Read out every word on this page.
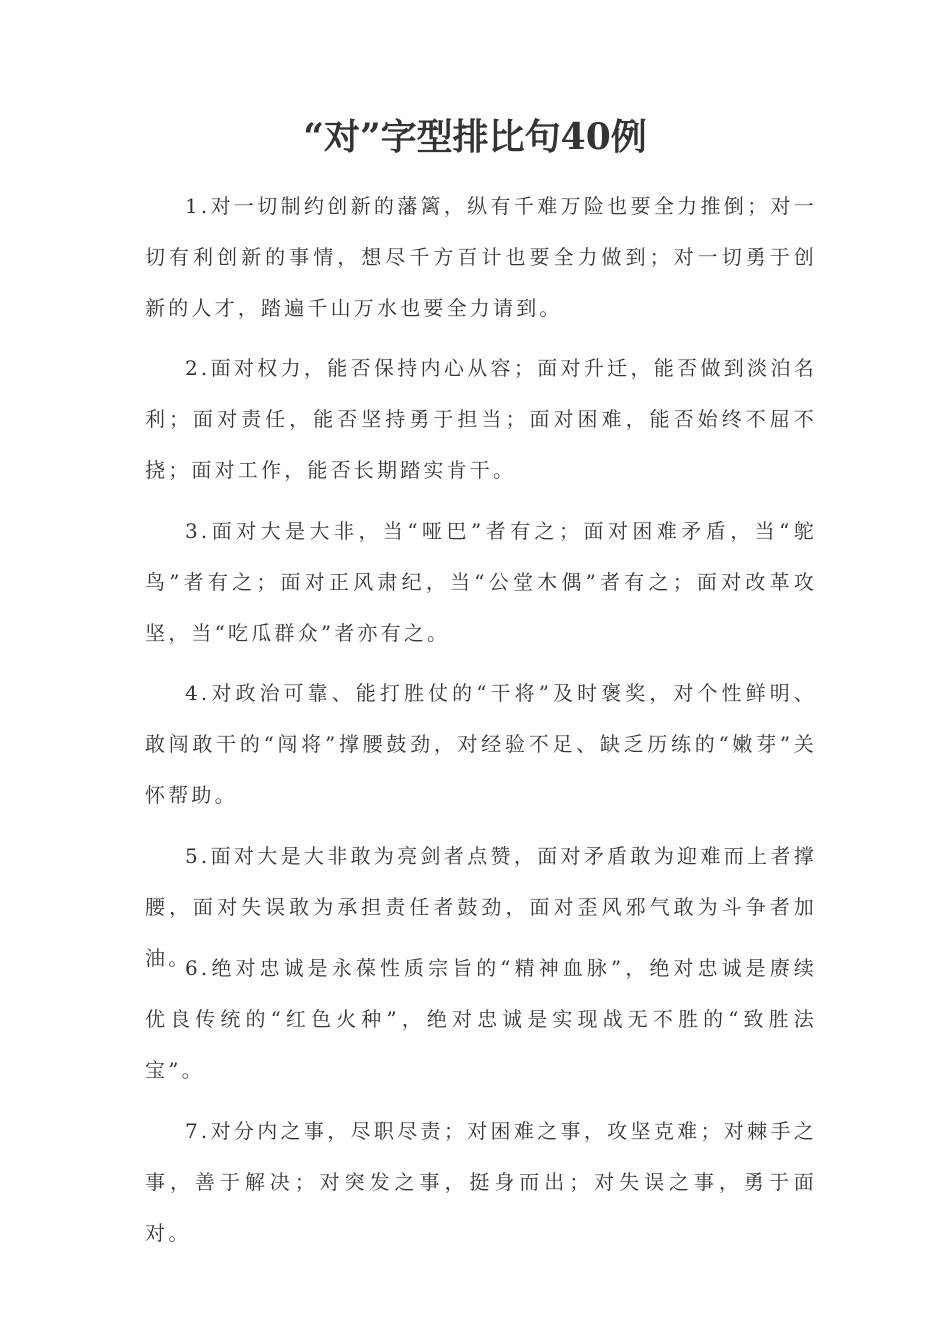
“对”字型排比句40例

1.对一切制约创新的藩篱，纵有千难万险也要全力推倒；对一切有利创新的事情，想尽千方百计也要全力做到；对一切勇于创新的人才，踏遍千山万水也要全力请到。

2.面对权力，能否保持内心从容；面对升迁，能否做到淡泊名利；面对责任，能否坚持勇于担当；面对困难，能否始终不屈不挠；面对工作，能否长期踏实肯干。

3.面对大是大非，当“哑巴”者有之；面对困难矛盾，当“鸵鸟”者有之；面对正风肃纪，当“公堂木偶”者有之；面对改革攻坚，当“吃瓜群众”者亦有之。

4.对政治可靠、能打胜仗的“干将”及时褒奖，对个性鲜明、敢闯敢干的“闯将”撑腰鼓劲，对经验不足、缺乏历练的“嫩芽”关怀帮助。

5.面对大是大非敢为亮剑者点赞，面对矛盾敢为迎难而上者撑腰，面对失误敢为承担责任者鼓劲，面对歪风邪气敢为斗争者加油。

6.绝对忠诚是永葆性质宗旨的“精神血脉”，绝对忠诚是赓续优良传统的“红色火种”，绝对忠诚是实现战无不胜的“致胜法宝”。

7.对分内之事，尽职尽责；对困难之事，攻坚克难；对棘手之事，善于解决；对突发之事，挺身而出；对失误之事，勇于面对。
